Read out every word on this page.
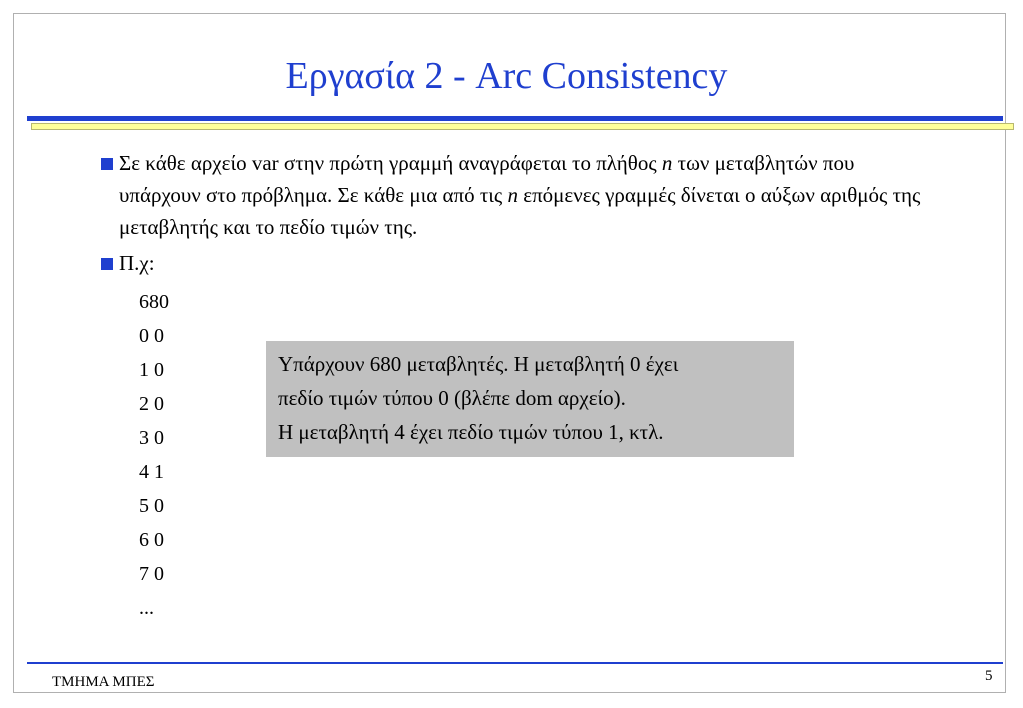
Εργασία 2 - Arc Consistency
Σε κάθε αρχείο var στην πρώτη γραμμή αναγράφεται το πλήθος n των μεταβλητών που υπάρχουν στο πρόβλημα. Σε κάθε μια από τις n επόμενες γραμμές δίνεται ο αύξων αριθμός της μεταβλητής και το πεδίο τιμών της.
Π.χ:
680
0 0
1 0
2 0
3 0
4 1
5 0
6 0
7 0
...
Υπάρχουν 680 μεταβλητές. Η μεταβλητή 0 έχει
πεδίο τιμών τύπου 0 (βλέπε dom αρχείο).
Η μεταβλητή 4 έχει πεδίο τιμών τύπου 1, κτλ.
ΤΜΗΜΑ ΜΠΕΣ	5
